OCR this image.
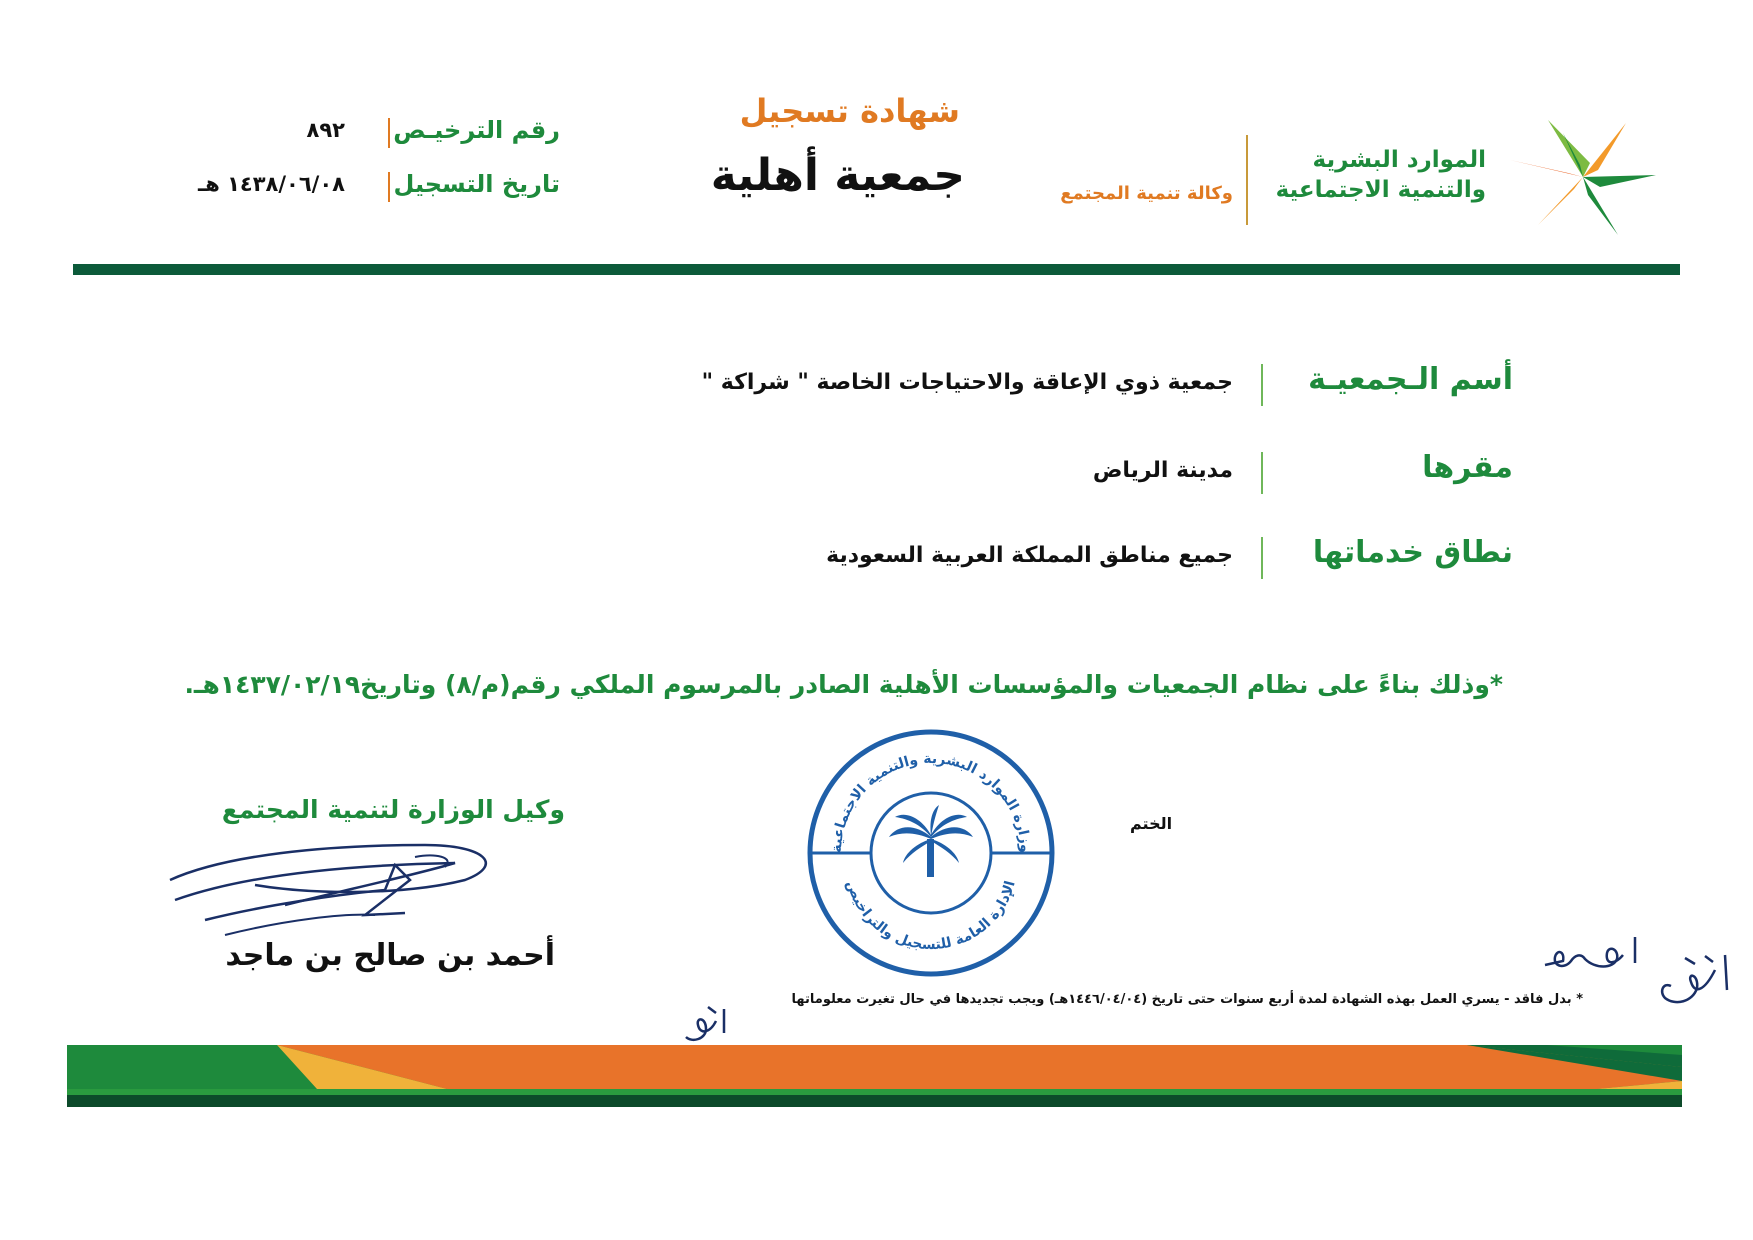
الموارد البشرية
والتنمية الاجتماعية
وكالة تنمية المجتمع
شهادة تسجيل
جمعية أهلية
رقم الترخيـص
٨٩٢
تاريخ التسجيل
١٤٣٨/٠٦/٠٨ هـ
أسم الـجمعيـة
جمعية ذوي الإعاقة والاحتياجات الخاصة " شراكة "
مقرها
مدينة الرياض
نطاق خدماتها
جميع مناطق المملكة العربية السعودية
*وذلك بناءً على نظام الجمعيات والمؤسسات الأهلية الصادر بالمرسوم الملكي رقم(م/٨) وتاريخ١٤٣٧/٠٢/١٩هـ.
وزارة الموارد البشرية والتنمية الاجتماعية
الإدارة العامة للتسجيل والتراخيص
الختم
وكيل الوزارة لتنمية المجتمع
أحمد بن صالح بن ماجد
* بدل فاقد - يسري العمل بهذه الشهادة لمدة أربع سنوات حتى تاريخ (١٤٤٦/٠٤/٠٤هـ) ويجب تجديدها في حال تغيرت معلوماتها
